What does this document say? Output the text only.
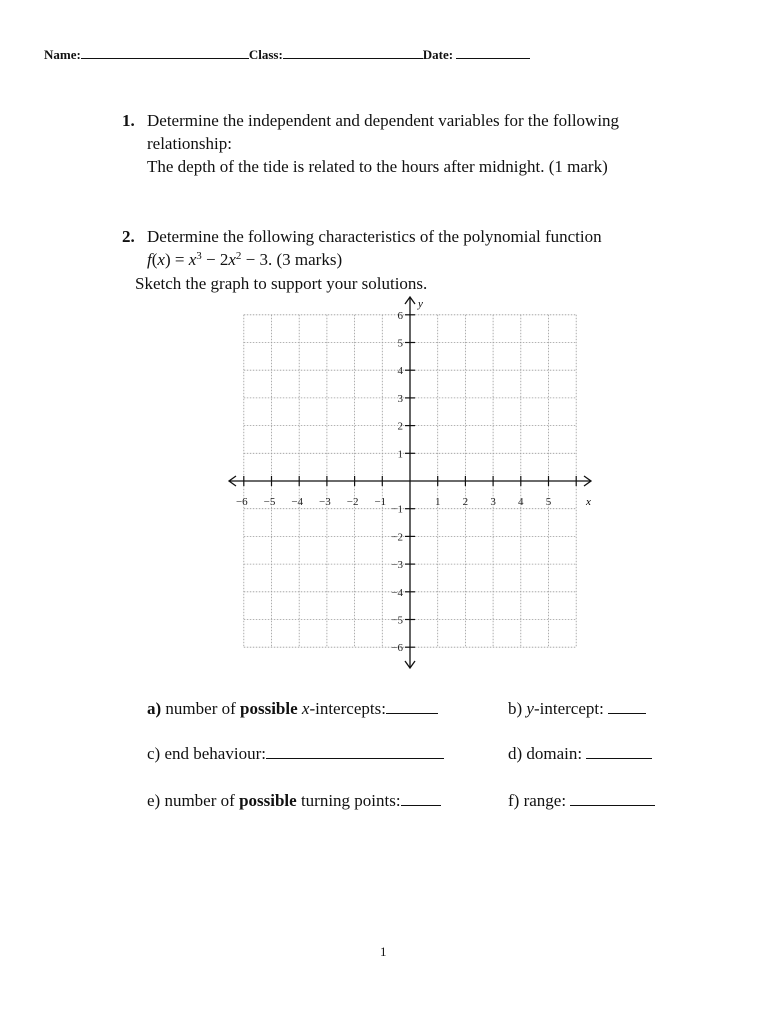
Name:	Class:	Date:
1. Determine the independent and dependent variables for the following
relationship:
The depth of the tide is related to the hours after midnight. (1 mark)
2. Determine the following characteristics of the polynomial function
$f(x) = x^3 - 2x^2 - 3$. (3 marks)
Sketch the graph to support your solutions.
−6 −5 −4 −3 −2 −1	1 2 3 4 5
6
5
4
3
2
1
−1
−2
−3
−4
−5
−6
x
y
a) number of possible x-intercepts:	b) y-intercept:
c) end behaviour:	d) domain:
e) number of possible turning points:	f) range:
1
